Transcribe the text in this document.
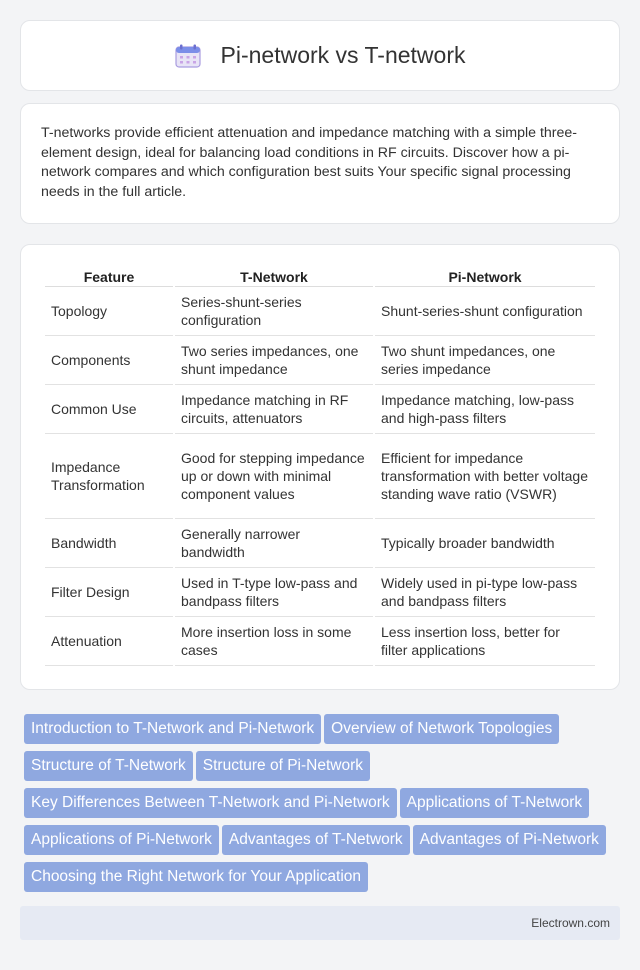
Pi-network vs T-network

T-networks provide efficient attenuation and impedance matching with a simple three-element design, ideal for balancing load conditions in RF circuits. Discover how a pi-network compares and which configuration best suits Your specific signal processing needs in the full article.

Feature	T-Network	Pi-Network
Topology	Series-shunt-series configuration	Shunt-series-shunt configuration
Components	Two series impedances, one shunt impedance	Two shunt impedances, one series impedance
Common Use	Impedance matching in RF circuits, attenuators	Impedance matching, low-pass and high-pass filters
Impedance Transformation	Good for stepping impedance up or down with minimal component values	Efficient for impedance transformation with better voltage standing wave ratio (VSWR)
Bandwidth	Generally narrower bandwidth	Typically broader bandwidth
Filter Design	Used in T-type low-pass and bandpass filters	Widely used in pi-type low-pass and bandpass filters
Attenuation	More insertion loss in some cases	Less insertion loss, better for filter applications
Introduction to T-Network and Pi-Network Overview of Network TopologiesStructure of T-Network Structure of Pi-NetworkKey Differences Between T-Network and Pi-Network Applications of T-NetworkApplications of Pi-Network Advantages of T-Network Advantages of Pi-NetworkChoosing the Right Network for Your Application
Electrown.com
